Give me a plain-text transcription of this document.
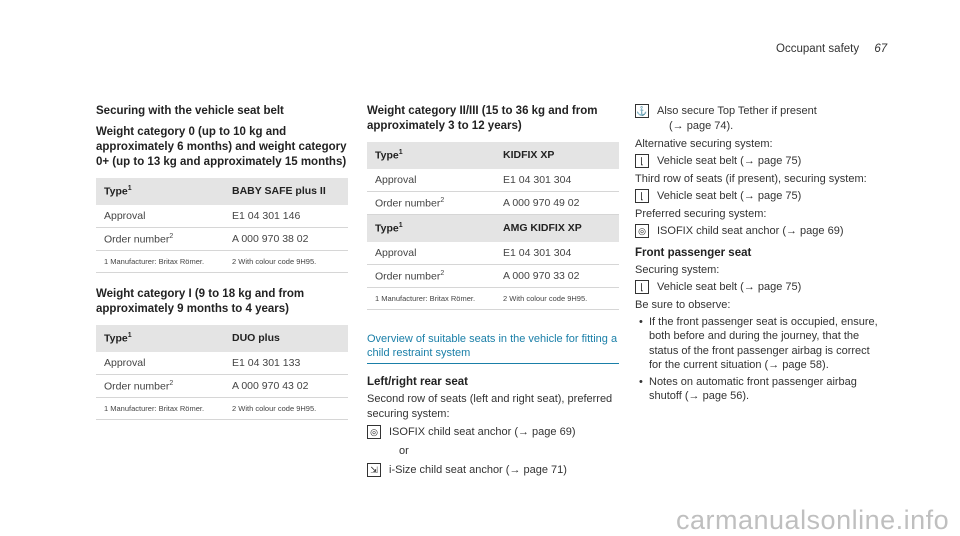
Occupant safety 67
Securing with the vehicle seat belt
Weight category 0 (up to 10 kg and approximately 6 months) and weight category 0+ (up to 13 kg and approximately 15 months)
Type$^1$	BABY SAFE plus II
Approval	E1 04 301 146
Order number$^2$	A 000 970 38 02
1 Manufacturer: Britax Römer.	2 With colour code 9H95.
Weight category I (9 to 18 kg and from approximately 9 months to 4 years)
Type$^1$	DUO plus
Approval	E1 04 301 133
Order number$^2$	A 000 970 43 02
1 Manufacturer: Britax Römer.	2 With colour code 9H95.
Weight category II/III (15 to 36 kg and from approximately 3 to 12 years)
Type$^1$	KIDFIX XP
Approval	E1 04 301 304
Order number$^2$	A 000 970 49 02
Type$^1$	AMG KIDFIX XP
Approval	E1 04 301 304
Order number$^2$	A 000 970 33 02
1 Manufacturer: Britax Römer.	2 With colour code 9H95.
Overview of suitable seats in the vehicle for fitting a child restraint system
Left/right rear seat
Second row of seats (left and right seat), preferred securing system:
◎ ISOFIX child seat anchor (→ page 69)
or
⇲ i-Size child seat anchor (→ page 71)
⚓ Also secure Top Tether if present
(→ page 74).
Alternative securing system:
⌊ Vehicle seat belt (→ page 75)
Third row of seats (if present), securing system:
⌊ Vehicle seat belt (→ page 75)
Preferred securing system:
◎ ISOFIX child seat anchor (→ page 69)
Front passenger seat
Securing system:
⌊ Vehicle seat belt (→ page 75)
Be sure to observe:
• If the front passenger seat is occupied, ensure, both before and during the journey, that the status of the front passenger airbag is correct for the current situation (→ page 58).
• Notes on automatic front passenger airbag shutoff (→ page 56).
carmanualsonline.info
